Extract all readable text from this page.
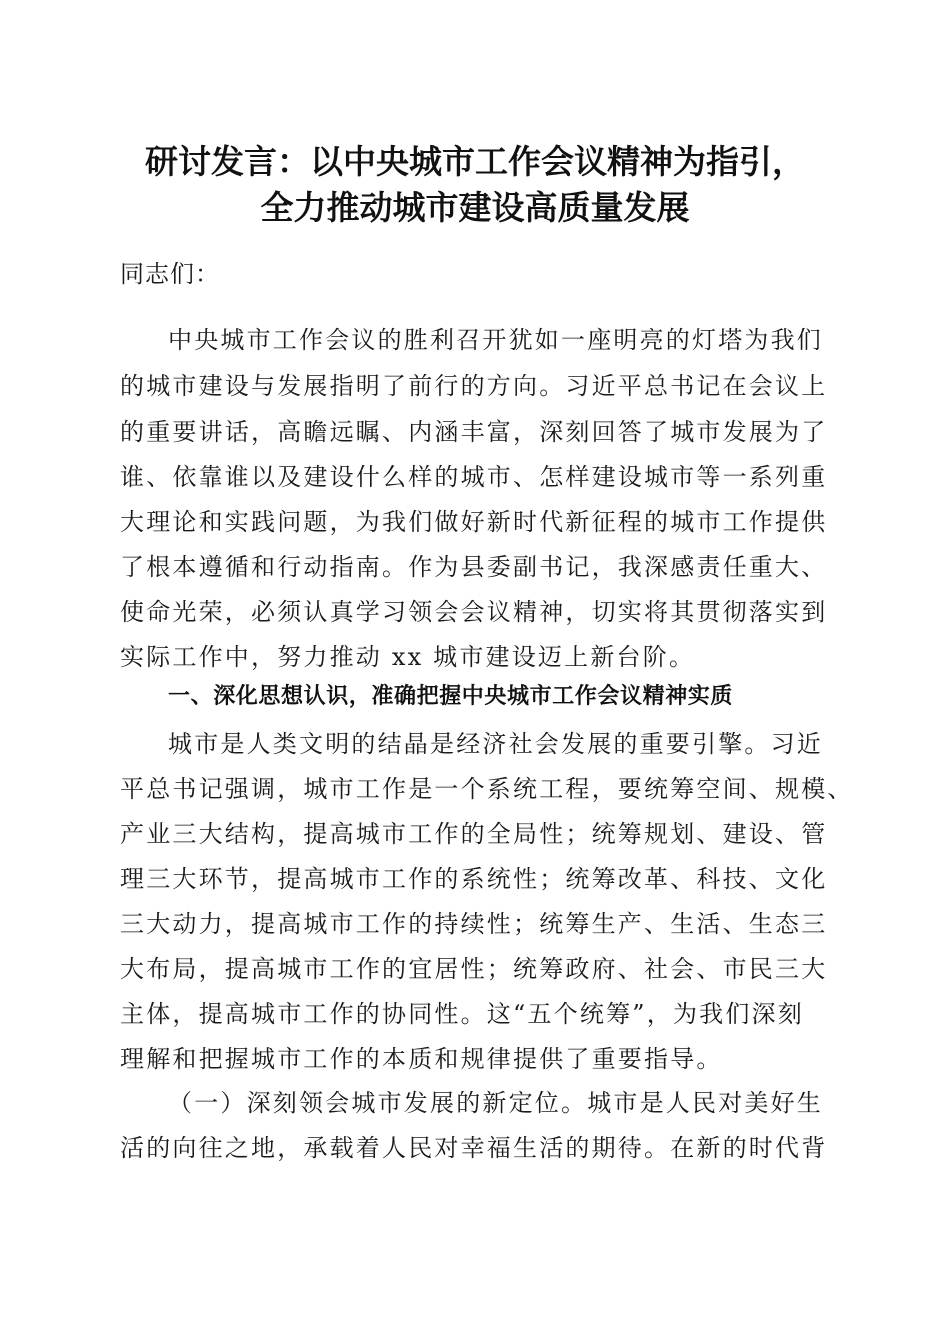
研讨发言：以中央城市工作会议精神为指引，
全力推动城市建设高质量发展
同志们：
中央城市工作会议的胜利召开犹如一座明亮的灯塔为我们
的城市建设与发展指明了前行的方向。习近平总书记在会议上
的重要讲话，高瞻远瞩、内涵丰富，深刻回答了城市发展为了
谁、依靠谁以及建设什么样的城市、怎样建设城市等一系列重
大理论和实践问题，为我们做好新时代新征程的城市工作提供
了根本遵循和行动指南。作为县委副书记，我深感责任重大、
使命光荣，必须认真学习领会会议精神，切实将其贯彻落实到
实际工作中，努力推动 xx 城市建设迈上新台阶。
一、深化思想认识，准确把握中央城市工作会议精神实质
城市是人类文明的结晶是经济社会发展的重要引擎。习近
平总书记强调，城市工作是一个系统工程，要统筹空间、规模、
产业三大结构，提高城市工作的全局性；统筹规划、建设、管
理三大环节，提高城市工作的系统性；统筹改革、科技、文化
三大动力，提高城市工作的持续性；统筹生产、生活、生态三
大布局，提高城市工作的宜居性；统筹政府、社会、市民三大
主体，提高城市工作的协同性。这“五个统筹”，为我们深刻
理解和把握城市工作的本质和规律提供了重要指导。
（一）深刻领会城市发展的新定位。城市是人民对美好生
活的向往之地，承载着人民对幸福生活的期待。在新的时代背
